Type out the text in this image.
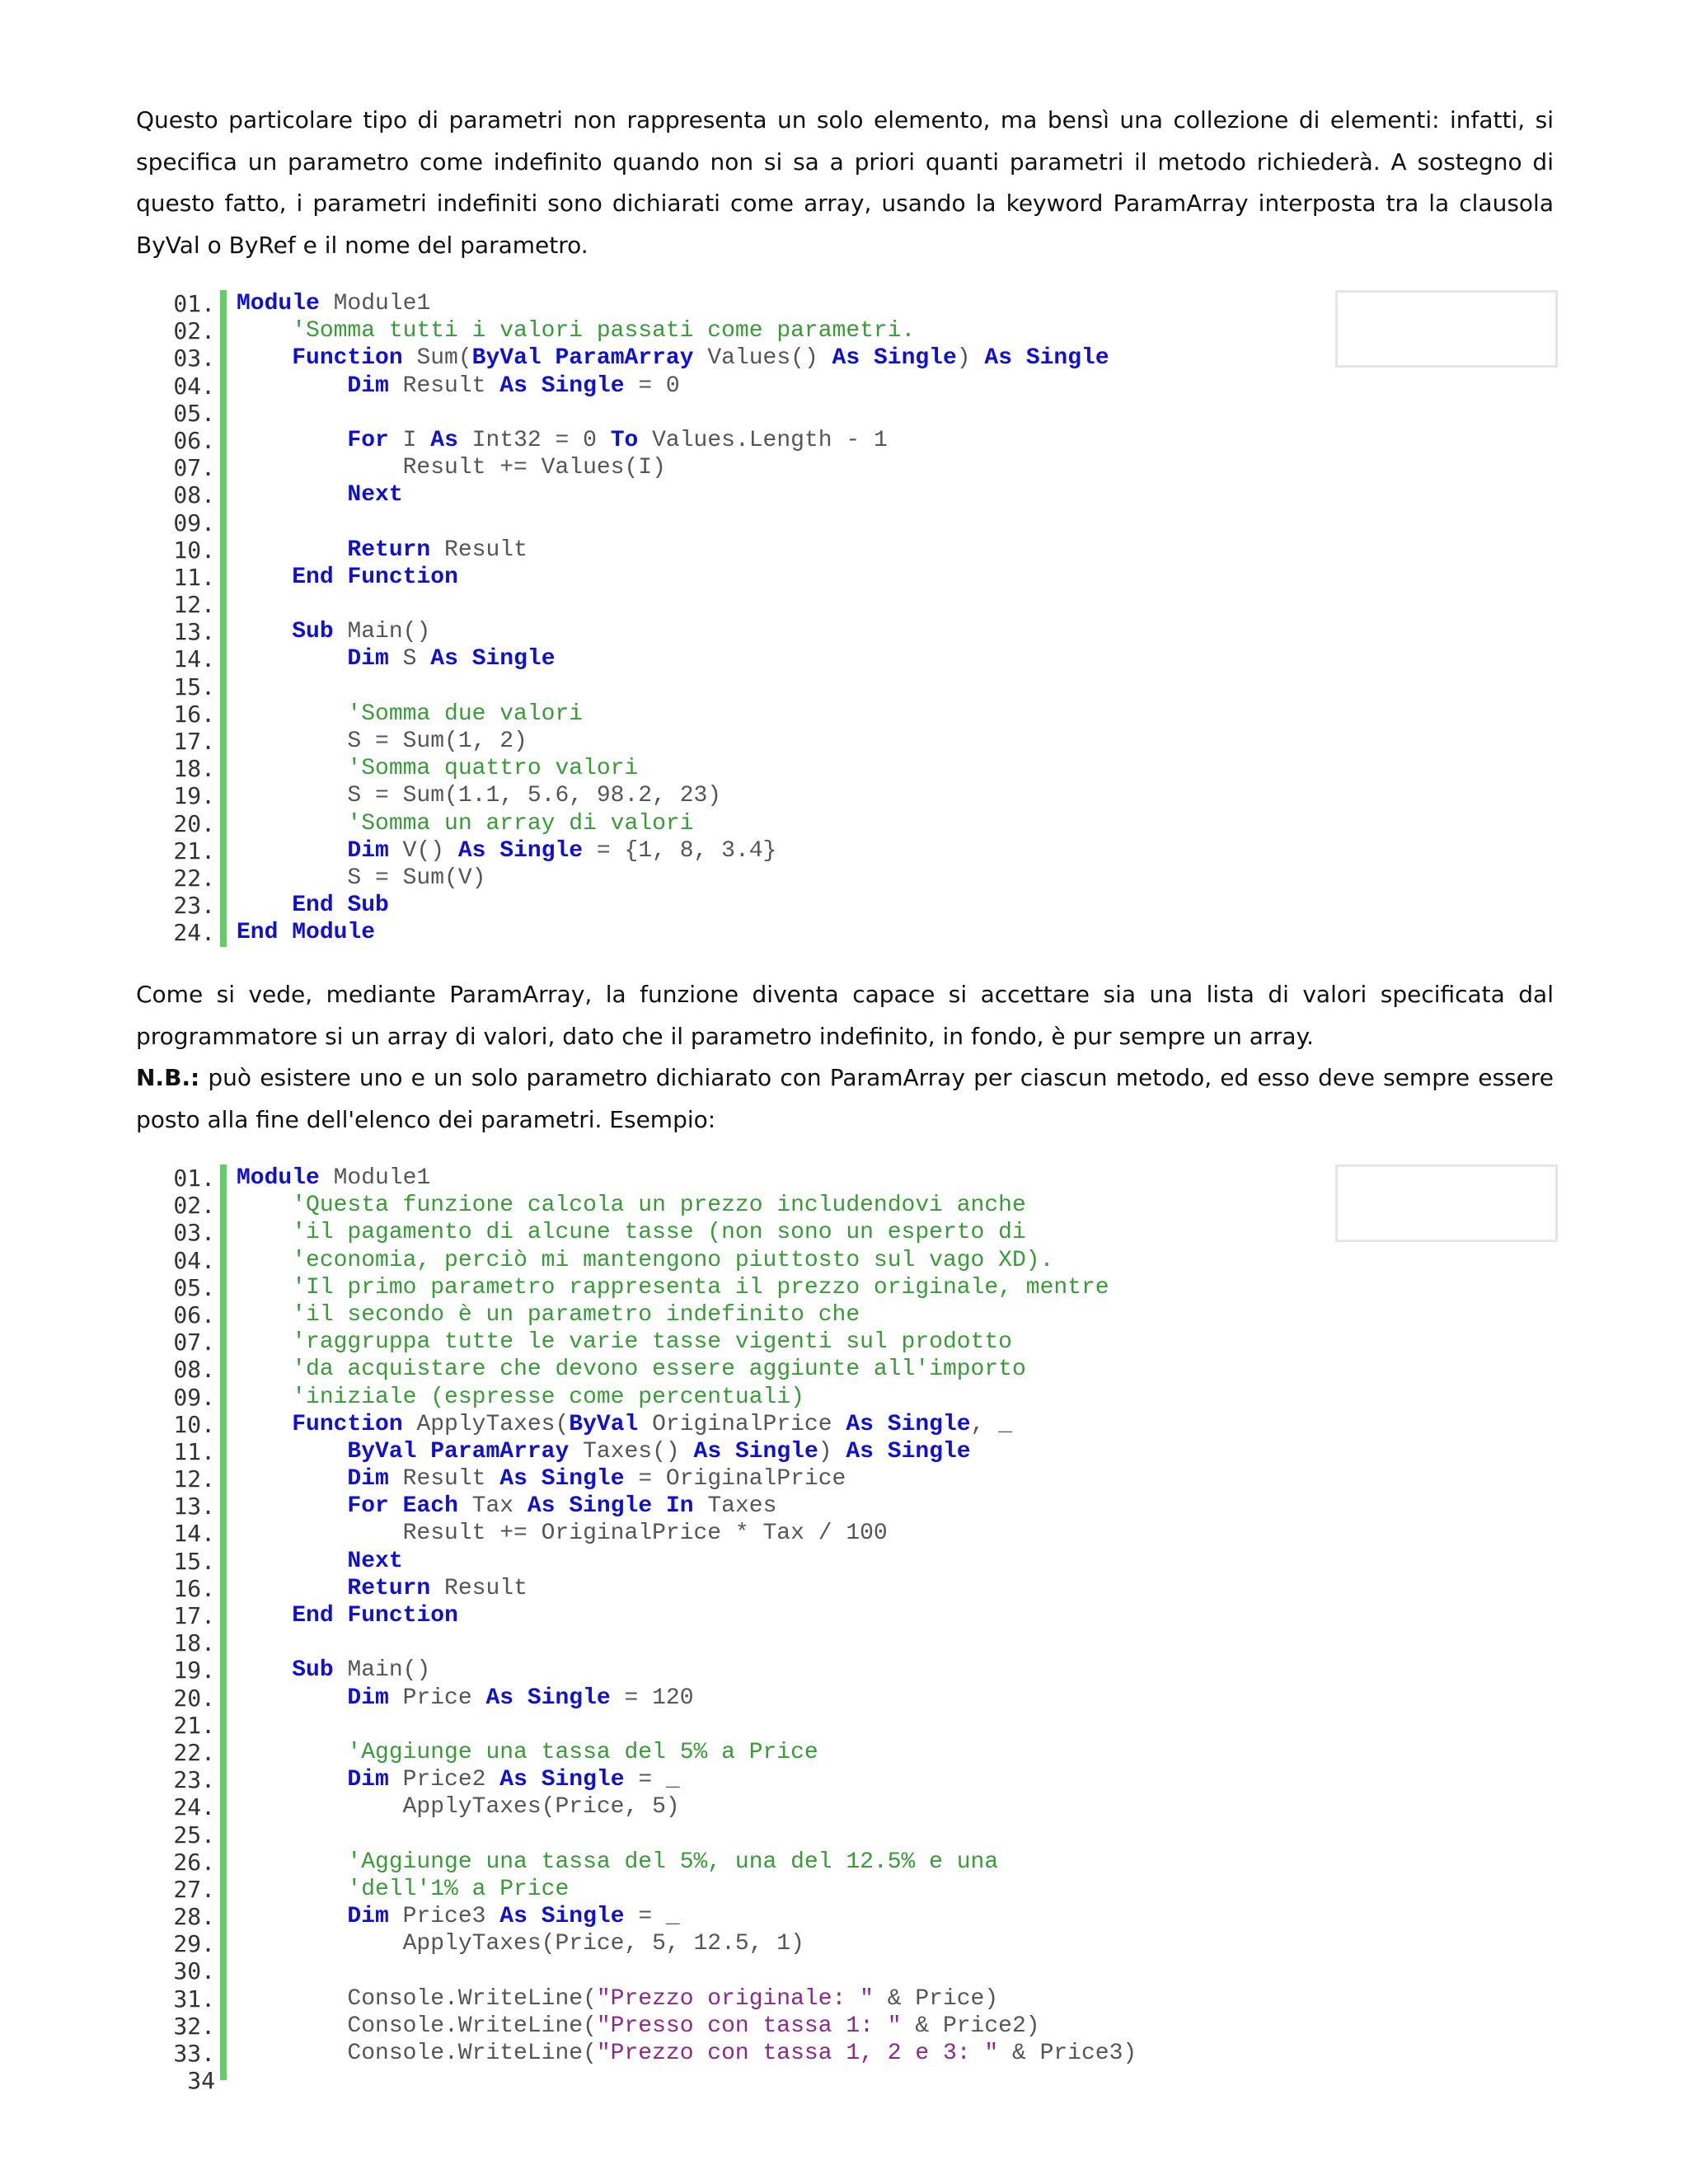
Questo particolare tipo di parametri non rappresenta un solo elemento, ma bensì una collezione di elementi: infatti, si specifica un parametro come indefinito quando non si sa a priori quanti parametri il metodo richiederà. A sostegno di questo fatto, i parametri indefiniti sono dichiarati come array, usando la keyword ParamArray interposta tra la clausola ByVal o ByRef e il nome del parametro.
01. Module Module1
02.	'Somma tutti i valori passati come parametri.
03.	Function Sum(ByVal ParamArray Values() As Single) As Single
04.	Dim Result As Single = 0
05.
06.	For I As Int32 = 0 To Values.Length - 1
07. Result += Values(I)
08.	Next
09.
10.	Return Result
11.	End Function
12.
13.	Sub Main()
14.	Dim S As Single
15.
16.	'Somma due valori
17. S = Sum(1, 2)
18.	'Somma quattro valori
19. S = Sum(1.1, 5.6, 98.2, 23)
20.	'Somma un array di valori
21.	Dim V() As Single = {1, 8, 3.4}
22. S = Sum(V)
23.	End Sub
24. End Module
Come si vede, mediante ParamArray, la funzione diventa capace si accettare sia una lista di valori specificata dal programmatore si un array di valori, dato che il parametro indefinito, in fondo, è pur sempre un array.
N.B.: può esistere uno e un solo parametro dichiarato con ParamArray per ciascun metodo, ed esso deve sempre essere posto alla fine dell'elenco dei parametri. Esempio:
01. Module Module1
02.	'Questa funzione calcola un prezzo includendovi anche
03.	'il pagamento di alcune tasse (non sono un esperto di
04.	'economia, perciò mi mantengono piuttosto sul vago XD).
05.	'Il primo parametro rappresenta il prezzo originale, mentre
06.	'il secondo è un parametro indefinito che
07.	'raggruppa tutte le varie tasse vigenti sul prodotto
08.	'da acquistare che devono essere aggiunte all'importo
09.	'iniziale (espresse come percentuali)
10.	Function ApplyTaxes(ByVal OriginalPrice As Single, _
11.	ByVal ParamArray Taxes() As Single) As Single
12.	Dim Result As Single = OriginalPrice
13.	For Each Tax As Single In Taxes
14. Result += OriginalPrice * Tax / 100
15.	Next
16.	Return Result
17.	End Function
18.
19.	Sub Main()
20.	Dim Price As Single = 120
21.
22.	'Aggiunge una tassa del 5% a Price
23.	Dim Price2 As Single = _
24. ApplyTaxes(Price, 5)
25.
26.	'Aggiunge una tassa del 5%, una del 12.5% e una
27.	'dell'1% a Price
28.	Dim Price3 As Single = _
29. ApplyTaxes(Price, 5, 12.5, 1)
30.
31. Console.WriteLine("Prezzo originale: " & Price)
32. Console.WriteLine("Presso con tassa 1: " & Price2)
33. Console.WriteLine("Prezzo con tassa 1, 2 e 3: " & Price3)
34
